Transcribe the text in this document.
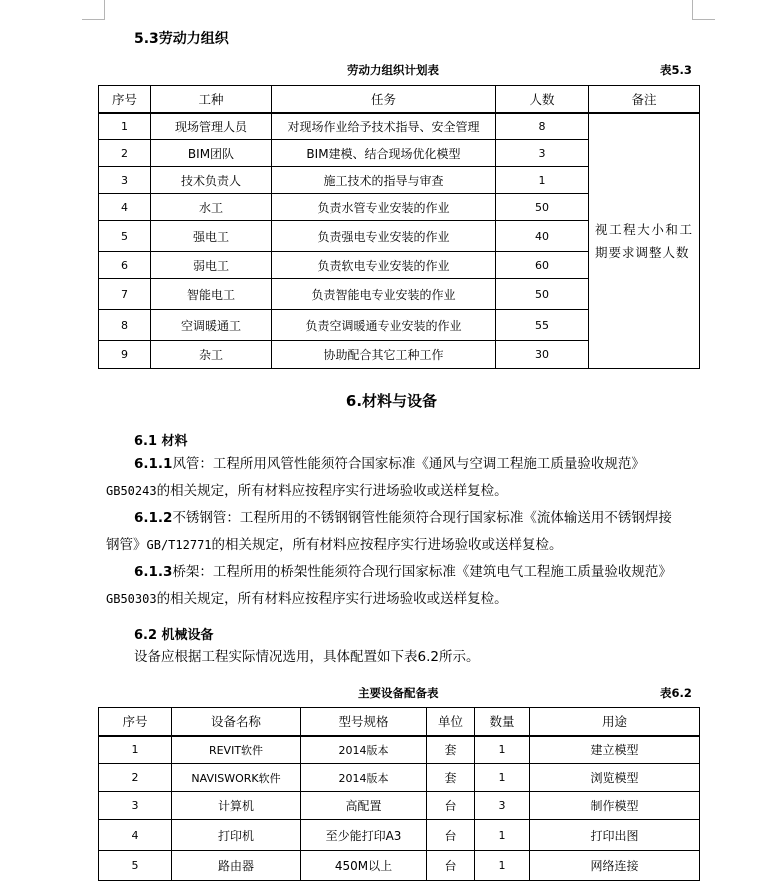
5.3劳动力组织
劳动力组织计划表	表5.3
序号	工种	任务	人数	备注
1	现场管理人员	对现场作业给予技术指导、安全管理	8	视工程大小和工期要求调整人数
2	BIM团队	BIM建模、结合现场优化模型	3	
3	技术负责人	施工技术的指导与审查	1	
4	水工	负责水管专业安装的作业	50	
5	强电工	负责强电专业安装的作业	40	
6	弱电工	负责软电专业安装的作业	60	
7	智能电工	负责智能电专业安装的作业	50	
8	空调暖通工	负责空调暖通专业安装的作业	55	
9	杂工	协助配合其它工种工作	30	
6.材料与设备
6.1 材料
6.1.1风管：工程所用风管性能须符合国家标准《通风与空调工程施工质量验收规范》
GB50243的相关规定，所有材料应按程序实行进场验收或送样复检。
6.1.2不锈钢管：工程所用的不锈钢钢管性能须符合现行国家标准《流体输送用不锈钢焊接
钢管》GB/T12771的相关规定，所有材料应按程序实行进场验收或送样复检。
6.1.3桥架：工程所用的桥架性能须符合现行国家标准《建筑电气工程施工质量验收规范》
GB50303的相关规定，所有材料应按程序实行进场验收或送样复检。
6.2 机械设备
设备应根据工程实际情况选用，具体配置如下表6.2所示。
主要设备配备表	表6.2
序号	设备名称	型号规格	单位	数量	用途
1	REVIT软件	2014版本	套	1	建立模型
2	NAVISWORK软件	2014版本	套	1	浏览模型
3	计算机	高配置	台	3	制作模型
4	打印机	至少能打印A3	台	1	打印出图
5	路由器	450M以上	台	1	网络连接
